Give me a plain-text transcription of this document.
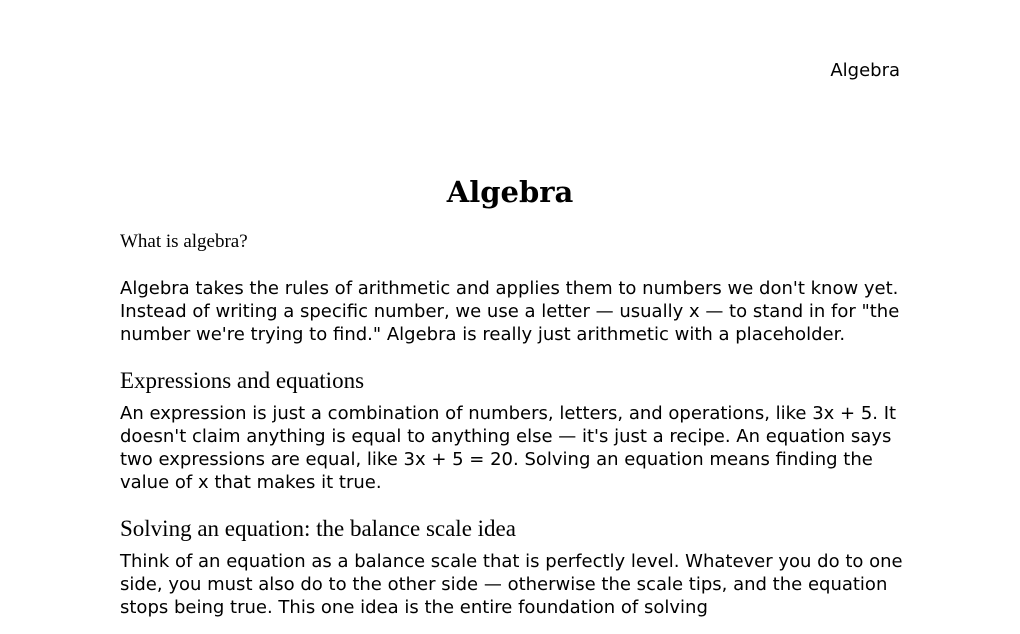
Algebra
Algebra

What is algebra?

Algebra takes the rules of arithmetic and applies them to numbers we don't know yet. Instead of writing a specific number, we use a letter — usually x — to stand in for "the number we're trying to find." Algebra is really just arithmetic with a placeholder.

Expressions and equations

An expression is just a combination of numbers, letters, and operations, like 3x + 5. It doesn't claim anything is equal to anything else — it's just a recipe. An equation says two expressions are equal, like 3x + 5 = 20. Solving an equation means finding the value of x that makes it true.

Solving an equation: the balance scale idea

Think of an equation as a balance scale that is perfectly level. Whatever you do to one side, you must also do to the other side — otherwise the scale tips, and the equation stops being true. This one idea is the entire foundation of solving
